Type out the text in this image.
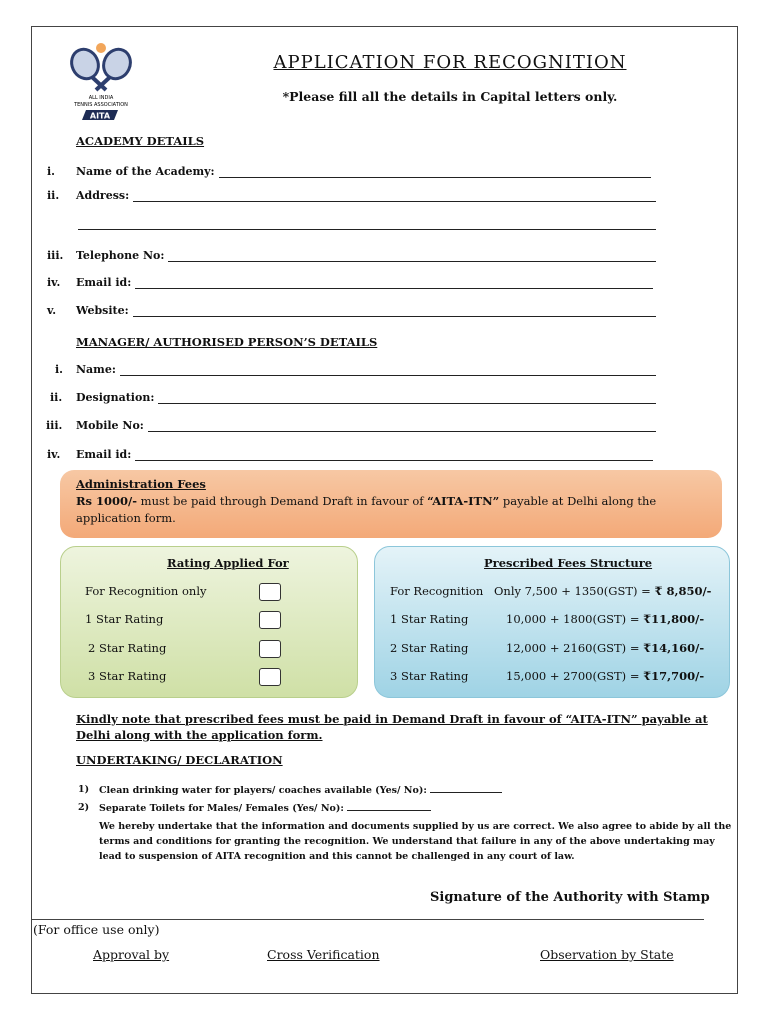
ALL INDIA
TENNIS ASSOCIATION
AITA
APPLICATION FOR RECOGNITION
*Please fill all the details in Capital letters only.
ACADEMY DETAILS
i. Name of the Academy:
ii. Address:
iii. Telephone No:
iv. Email id:
v. Website:
MANAGER/ AUTHORISED PERSON’S DETAILS
i. Name:
ii. Designation:
iii. Mobile No:
iv. Email id:
Administration Fees
Rs 1000/- must be paid through Demand Draft in favour of “AITA-ITN” payable at Delhi along the application form.
Rating Applied For
For Recognition only
1 Star Rating
2 Star Rating
3 Star Rating
Prescribed Fees Structure
For Recognition Only 7,500 + 1350(GST) = ₹ 8,850/-
1 Star Rating	10,000 + 1800(GST) = ₹11,800/-
2 Star Rating	12,000 + 2160(GST) = ₹14,160/-
3 Star Rating	15,000 + 2700(GST) = ₹17,700/-
Kindly note that prescribed fees must be paid in Demand Draft in favour of “AITA-ITN” payable at Delhi along with the application form.
UNDERTAKING/ DECLARATION
1) Clean drinking water for players/ coaches available (Yes/ No):
2) Separate Toilets for Males/ Females (Yes/ No):
We hereby undertake that the information and documents supplied by us are correct. We also agree to abide by all the terms and conditions for granting the recognition. We understand that failure in any of the above undertaking may lead to suspension of AITA recognition and this cannot be challenged in any court of law.
Signature of the Authority with Stamp
(For office use only)
Approval by	Cross Verification	Observation by State
